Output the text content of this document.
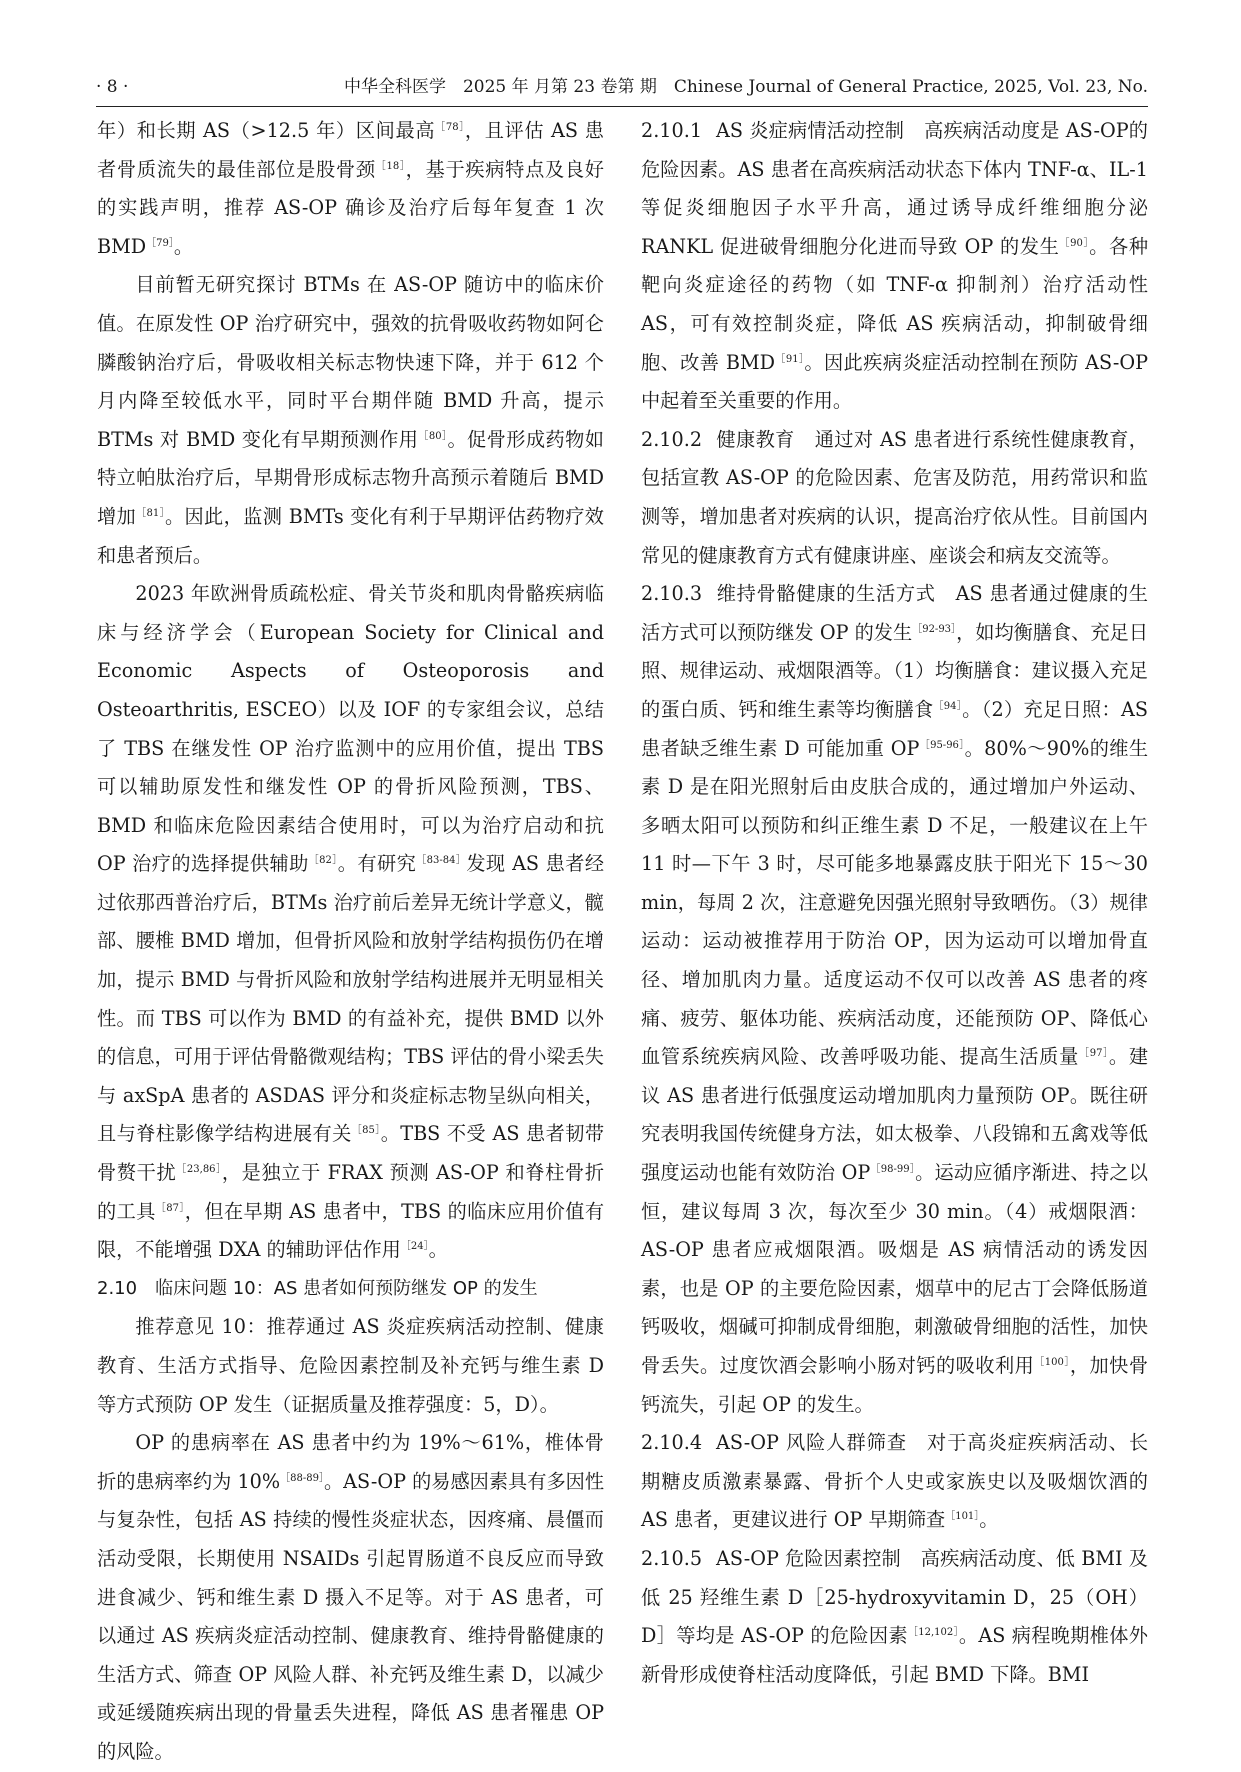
· 8 ·	中华全科医学　2025 年 月第 23 卷第 期　Chinese Journal of General Practice, 2025, Vol. 23, No.

年）和长期 AS（>12.5 年）区间最高$^{[78]}$，且评估 AS 患者骨质流失的最佳部位是股骨颈$^{[18]}$，基于疾病特点及良好的实践声明，推荐 AS-OP 确诊及治疗后每年复查 1 次 $BMD^{[79]}$。

目前暂无研究探讨 BTMs 在 AS-OP 随访中的临床价值。在原发性 OP 治疗研究中，强效的抗骨吸收药物如阿仑膦酸钠治疗后，骨吸收相关标志物快速下降，并于 612 个月内降至较低水平，同时平台期伴随 BMD 升高，提示 BTMs 对 BMD 变化有早期预测作用$^{[80]}$。促骨形成药物如特立帕肽治疗后，早期骨形成标志物升高预示着随后 BMD 增加$^{[81]}$。因此，监测 BMTs 变化有利于早期评估药物疗效和患者预后。

2023 年欧洲骨质疏松症、骨关节炎和肌肉骨骼疾病临床与经济学会（European Society for Clinical and Economic Aspects of Osteoporosis and Osteoarthritis, ESCEO）以及 IOF 的专家组会议，总结了 TBS 在继发性 OP 治疗监测中的应用价值，提出 TBS 可以辅助原发性和继发性 OP 的骨折风险预测，TBS、BMD 和临床危险因素结合使用时，可以为治疗启动和抗 OP 治疗的选择提供辅助$^{[82]}$。有研究$^{[83-84]}$发现 AS 患者经过依那西普治疗后，BTMs 治疗前后差异无统计学意义，髋部、腰椎 BMD 增加，但骨折风险和放射学结构损伤仍在增加，提示 BMD 与骨折风险和放射学结构进展并无明显相关性。而 TBS 可以作为 BMD 的有益补充，提供 BMD 以外的信息，可用于评估骨骼微观结构；TBS 评估的骨小梁丢失与 axSpA 患者的 ASDAS 评分和炎症标志物呈纵向相关，且与脊柱影像学结构进展有关$^{[85]}$。TBS 不受 AS 患者韧带骨赘干扰$^{[23,86]}$，是独立于 FRAX 预测 AS-OP 和脊柱骨折的工具$^{[87]}$，但在早期 AS 患者中，TBS 的临床应用价值有限，不能增强 DXA 的辅助评估作用$^{[24]}$。

2.10　临床问题 10：AS 患者如何预防继发 OP 的发生

推荐意见 10：推荐通过 AS 炎症疾病活动控制、健康教育、生活方式指导、危险因素控制及补充钙与维生素 D 等方式预防 OP 发生（证据质量及推荐强度：5，D）。

OP 的患病率在 AS 患者中约为 19%～61%，椎体骨折的患病率约为 10%$^{[88-89]}$。AS-OP 的易感因素具有多因性与复杂性，包括 AS 持续的慢性炎症状态，因疼痛、晨僵而活动受限，长期使用 NSAIDs 引起胃肠道不良反应而导致进食减少、钙和维生素 D 摄入不足等。对于 AS 患者，可以通过 AS 疾病炎症活动控制、健康教育、维持骨骼健康的生活方式、筛查 OP 风险人群、补充钙及维生素 D，以减少或延缓随疾病出现的骨量丢失进程，降低 AS 患者罹患 OP 的风险。

2.10.1 AS 炎症病情活动控制 高疾病活动度是 AS-OP的危险因素。AS 患者在高疾病活动状态下体内 TNF-α、IL-1 等促炎细胞因子水平升高，通过诱导成纤维细胞分泌 RANKL 促进破骨细胞分化进而导致 OP 的发生$^{[90]}$。各种靶向炎症途径的药物（如 TNF-α 抑制剂）治疗活动性 AS，可有效控制炎症，降低 AS 疾病活动，抑制破骨细胞、改善 $BMD^{[91]}$。因此疾病炎症活动控制在预防 AS-OP 中起着至关重要的作用。

2.10.2 健康教育 通过对 AS 患者进行系统性健康教育，包括宣教 AS-OP 的危险因素、危害及防范，用药常识和监测等，增加患者对疾病的认识，提高治疗依从性。目前国内常见的健康教育方式有健康讲座、座谈会和病友交流等。

2.10.3 维持骨骼健康的生活方式 AS 患者通过健康的生活方式可以预防继发 OP 的发生$^{[92-93]}$，如均衡膳食、充足日照、规律运动、戒烟限酒等。（1）均衡膳食：建议摄入充足的蛋白质、钙和维生素等均衡膳食$^{[94]}$。（2）充足日照：AS 患者缺乏维生素 D 可能加重 $OP^{[95-96]}$。80%～90%的维生素 D 是在阳光照射后由皮肤合成的，通过增加户外运动、多晒太阳可以预防和纠正维生素 D 不足，一般建议在上午 11 时—下午 3 时，尽可能多地暴露皮肤于阳光下 15～30 min，每周 2 次，注意避免因强光照射导致晒伤。（3）规律运动：运动被推荐用于防治 OP，因为运动可以增加骨直径、增加肌肉力量。适度运动不仅可以改善 AS 患者的疼痛、疲劳、躯体功能、疾病活动度，还能预防 OP、降低心血管系统疾病风险、改善呼吸功能、提高生活质量$^{[97]}$。建议 AS 患者进行低强度运动增加肌肉力量预防 OP。既往研究表明我国传统健身方法，如太极拳、八段锦和五禽戏等低强度运动也能有效防治 $OP^{[98-99]}$。运动应循序渐进、持之以恒，建议每周 3 次，每次至少 30 min。（4）戒烟限酒：AS-OP 患者应戒烟限酒。吸烟是 AS 病情活动的诱发因素，也是 OP 的主要危险因素，烟草中的尼古丁会降低肠道钙吸收，烟碱可抑制成骨细胞，刺激破骨细胞的活性，加快骨丢失。过度饮酒会影响小肠对钙的吸收利用$^{[100]}$，加快骨钙流失，引起 OP 的发生。

2.10.4 AS-OP 风险人群筛查 对于高炎症疾病活动、长期糖皮质激素暴露、骨折个人史或家族史以及吸烟饮酒的 AS 患者，更建议进行 OP 早期筛查$^{[101]}$。

2.10.5 AS-OP 危险因素控制 高疾病活动度、低 BMI 及低 25 羟维生素 D［25-hydroxyvitamin D，25（OH）D］等均是 AS-OP 的危险因素$^{[12,102]}$。AS 病程晚期椎体外新骨形成使脊柱活动度降低，引起 BMD 下降。BMI
